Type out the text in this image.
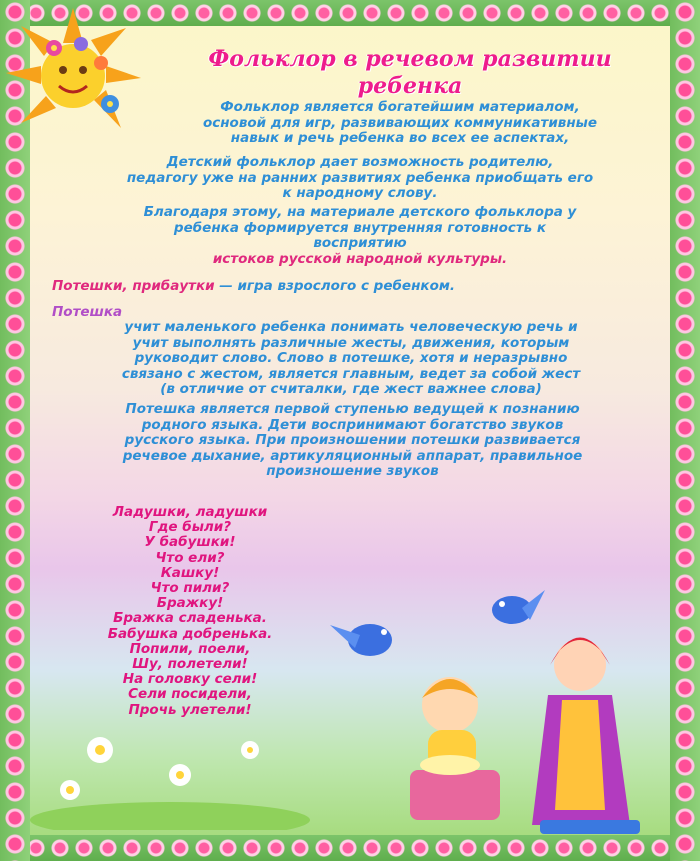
Фольклор в речевом развитии
ребенка
Фольклор является богатейшим материалом,
основой для игр, развивающих коммуникативные
навык и речь ребенка во всех ее аспектах,
Детский фольклор дает возможность родителю,
педагогу уже на ранних развитиях ребенка приобщать его
к народному слову.
Благодаря этому, на материале детского фольклора у
ребенка формируется внутренняя готовность к
восприятию
истоков русской народной культуры.
Потешки, прибаутки — игра взрослого с ребенком.
Потешка
учит маленького ребенка понимать человеческую речь и
учит выполнять различные жесты, движения, которым
руководит слово. Слово в потешке, хотя и неразрывно
связано с жестом, является главным, ведет за собой жест
(в отличие от считалки, где жест важнее слова)
Потешка является первой ступенью ведущей к познанию
родного языка. Дети воспринимают богатство звуков
русского языка. При произношении потешки развивается
речевое дыхание, артикуляционный аппарат, правильное
произношение звуков
Ладушки, ладушки
Где были?
У бабушки!
Что ели?
Кашку!
Что пили?
Бражку!
Бражка сладенька.
Бабушка добренька.
Попили, поели,
Шу, полетели!
На головку сели!
Сели посидели,
Прочь улетели!
